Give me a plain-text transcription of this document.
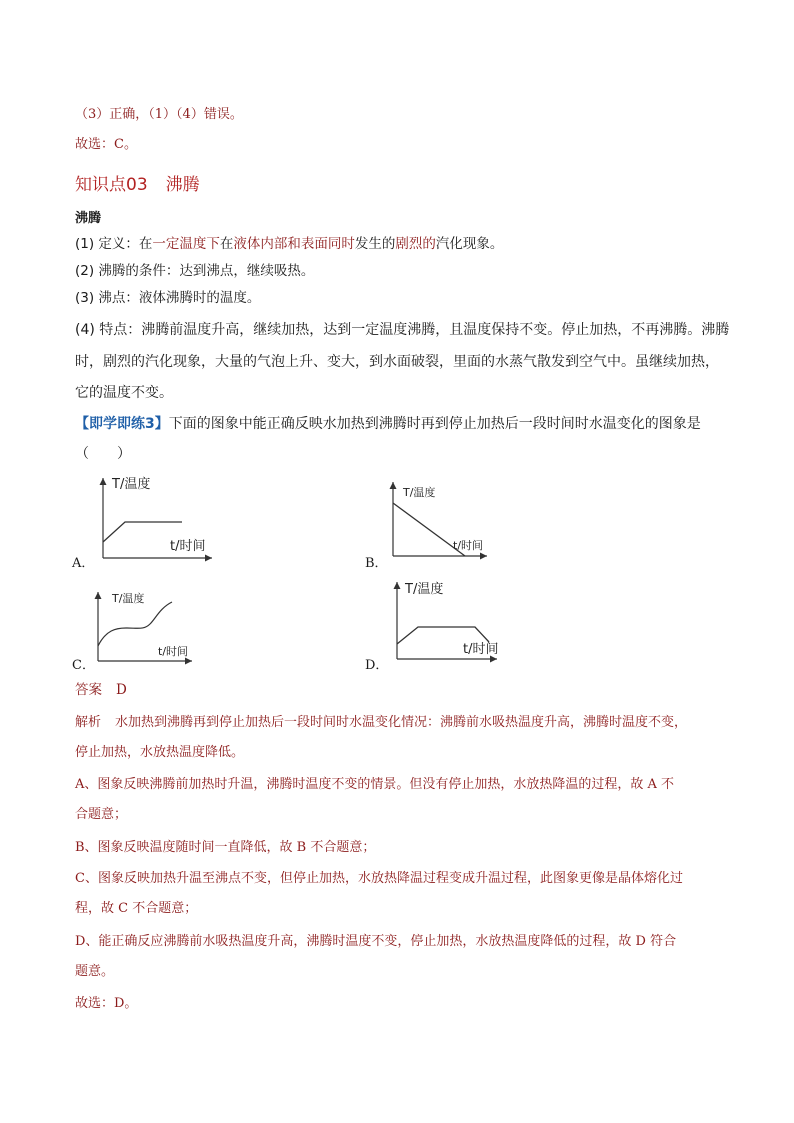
（3）正确，（1）（4）错误。
故选：C。
知识点03 沸腾
沸腾
(1) 定义：在一定温度下在液体内部和表面同时发生的剧烈的汽化现象。
(2) 沸腾的条件：达到沸点，继续吸热。
(3) 沸点：液体沸腾时的温度。
(4) 特点：沸腾前温度升高，继续加热，达到一定温度沸腾，且温度保持不变。停止加热，不再沸腾。沸腾
时，剧烈的汽化现象，大量的气泡上升、变大，到水面破裂，里面的水蒸气散发到空气中。虽继续加热，
它的温度不变。
【即学即练3】下面的图象中能正确反映水加热到沸腾时再到停止加热后一段时间时水温变化的图象是
（　　）
A．
T/温度
t/时间
B．
T/温度
t/时间
C．
T/温度
t/时间
D．
T/温度
t/时间
答案 D
解析 水加热到沸腾再到停止加热后一段时间时水温变化情况：沸腾前水吸热温度升高，沸腾时温度不变，
停止加热，水放热温度降低。
A、图象反映沸腾前加热时升温，沸腾时温度不变的情景。但没有停止加热，水放热降温的过程，故 A 不
合题意；
B、图象反映温度随时间一直降低，故 B 不合题意；
C、图象反映加热升温至沸点不变，但停止加热，水放热降温过程变成升温过程，此图象更像是晶体熔化过
程，故 C 不合题意；
D、能正确反应沸腾前水吸热温度升高，沸腾时温度不变，停止加热，水放热温度降低的过程，故 D 符合
题意。
故选：D。
